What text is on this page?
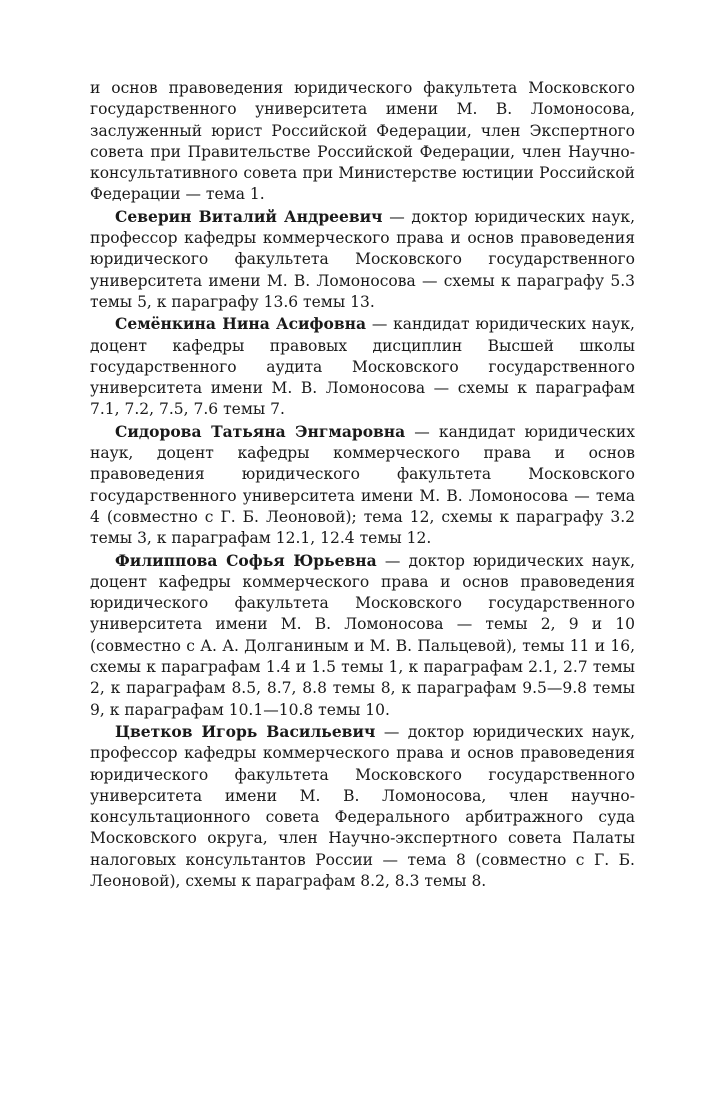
и основ правоведения юридического факультета Московского государственного университета имени М. В. Ломоносова, заслуженный юрист Российской Федерации, член Экспертного совета при Правительстве Российской Федерации, член Научно-консультативного совета при Министерстве юстиции Российской Федерации — тема 1.

Северин Виталий Андреевич — доктор юридических наук, профессор кафедры коммерческого права и основ правоведения юридического факультета Московского государственного университета имени М. В. Ломоносова — схемы к параграфу 5.3 темы 5, к параграфу 13.6 темы 13.

Семёнкина Нина Асифовна — кандидат юридических наук, доцент кафедры правовых дисциплин Высшей школы государственного аудита Московского государственного университета имени М. В. Ломоносова — схемы к параграфам 7.1, 7.2, 7.5, 7.6 темы 7.

Сидорова Татьяна Энгмаровна — кандидат юридических наук, доцент кафедры коммерческого права и основ правоведения юридического факультета Московского государственного университета имени М. В. Ломоносова — тема 4 (совместно с Г. Б. Леоновой); тема 12, схемы к параграфу 3.2 темы 3, к параграфам 12.1, 12.4 темы 12.

Филиппова Софья Юрьевна — доктор юридических наук, доцент кафедры коммерческого права и основ правоведения юридического факультета Московского государственного университета имени М. В. Ломоносова — темы 2, 9 и 10 (совместно с А. А. Долганиным и М. В. Пальцевой), темы 11 и 16, схемы к параграфам 1.4 и 1.5 темы 1, к параграфам 2.1, 2.7 темы 2, к параграфам 8.5, 8.7, 8.8 темы 8, к параграфам 9.5—9.8 темы 9, к параграфам 10.1—10.8 темы 10.

Цветков Игорь Васильевич — доктор юридических наук, профессор кафедры коммерческого права и основ правоведения юридического факультета Московского государственного университета имени М. В. Ломоносова, член научно-консультационного совета Федерального арбитражного суда Московского округа, член Научно-экспертного совета Палаты налоговых консультантов России — тема 8 (совместно с Г. Б. Леоновой), схемы к параграфам 8.2, 8.3 темы 8.
